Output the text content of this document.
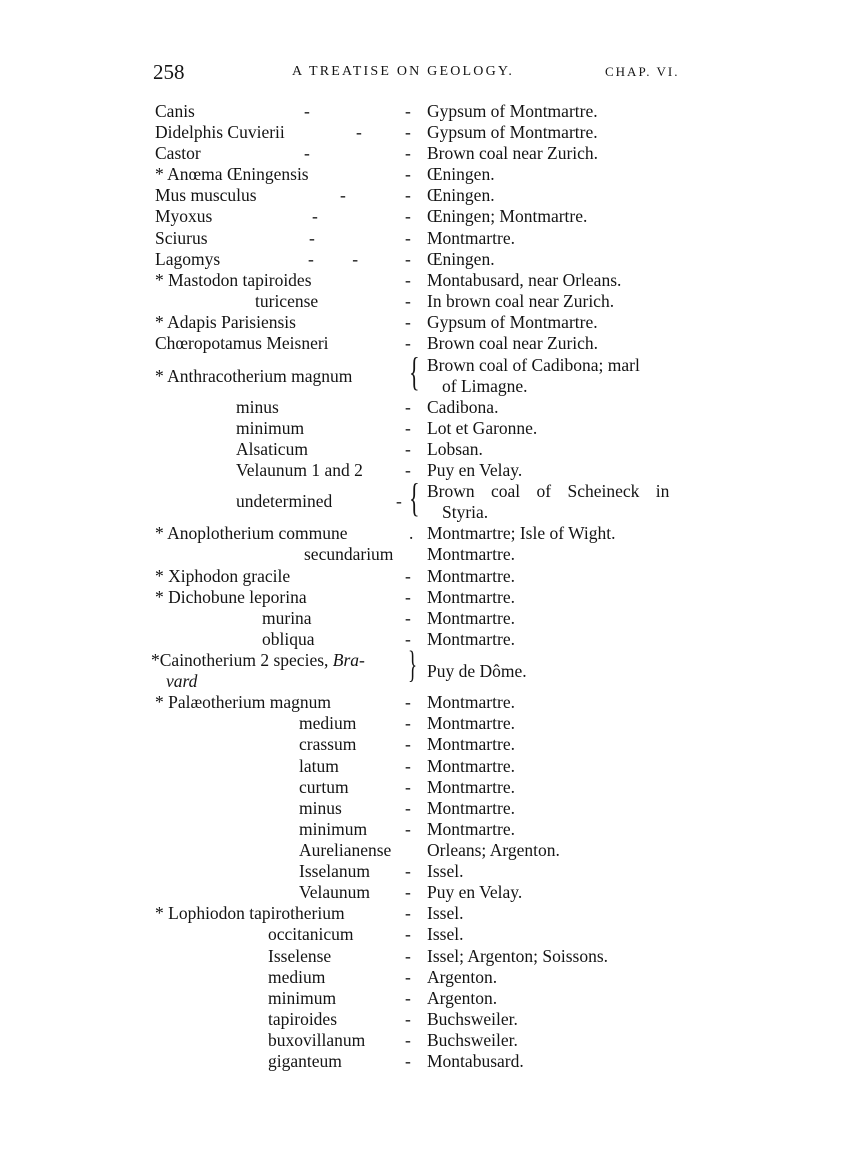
258	A TREATISE ON GEOLOGY.	CHAP. VI.
Canis	-	- Gypsum of Montmartre.
Didelphis Cuvierii	- - Gypsum of Montmartre.
Castor	-	- Brown coal near Zurich.
* Anœma Œningensis	- Œningen.
Mus musculus	-	- Œningen.
Myoxus	-	- Œningen; Montmartre.
Sciurus	-	- Montmartre.
Lagomys	- -	- Œningen.
* Mastodon tapiroides	- Montabusard, near Orleans.
turicense	- In brown coal near Zurich.
* Adapis Parisiensis	- Gypsum of Montmartre.
Chœropotamus Meisneri	- Brown coal near Zurich.
* Anthracotherium magnum { Brown coal of Cadibona; marl
of Limagne.
minus	- Cadibona.
minimum	- Lot et Garonne.
Alsaticum	- Lobsan.
Velaunum 1 and 2 - Puy en Velay.
undetermined	- { Brown coal of Scheineck in
Styria.
* Anoplotherium commune	. Montmartre; Isle of Wight.
secundarium Montmartre.
* Xiphodon gracile	- Montmartre.
* Dichobune leporina	- Montmartre.
murina	- Montmartre.
obliqua	- Montmartre.
*Cainotherium 2 species, Bra-
vard	} Puy de Dôme.
* Palæotherium magnum	- Montmartre.
medium	- Montmartre.
crassum	- Montmartre.
latum	- Montmartre.
curtum	- Montmartre.
minus	- Montmartre.
minimum - Montmartre.
Aurelianense Orleans; Argenton.
Isselanum - Issel.
Velaunum - Puy en Velay.
* Lophiodon tapirotherium	- Issel.
occitanicum	- Issel.
Isselense	- Issel; Argenton; Soissons.
medium	- Argenton.
minimum	- Argenton.
tapiroides	- Buchsweiler.
buxovillanum - Buchsweiler.
giganteum	- Montabusard.
